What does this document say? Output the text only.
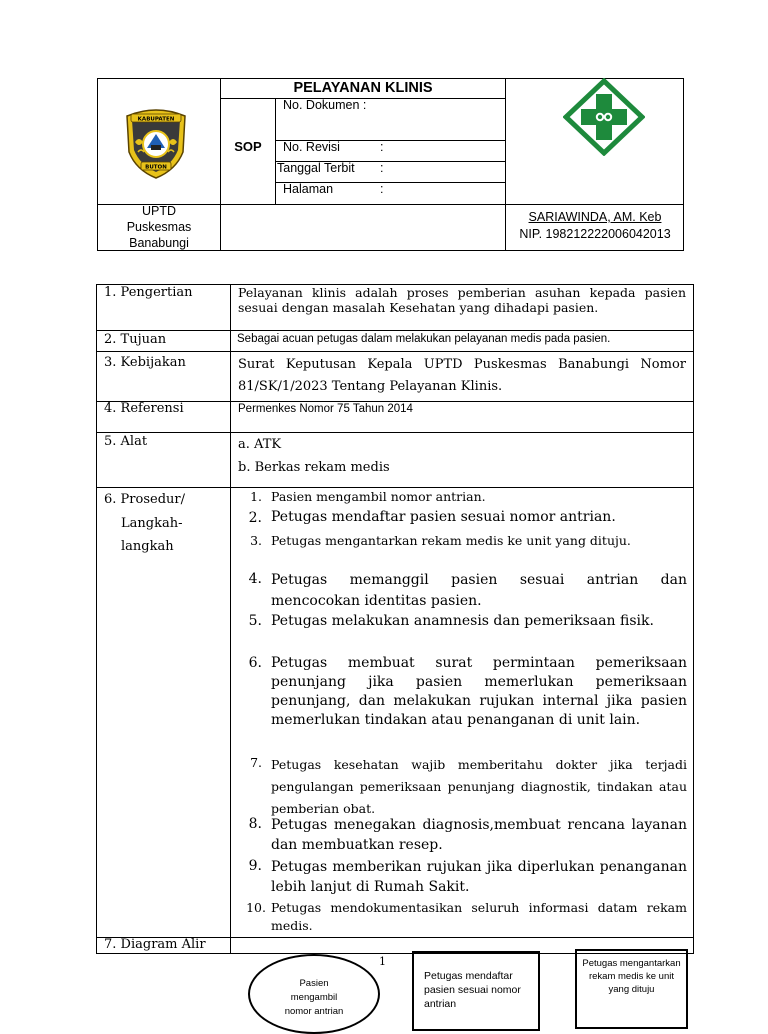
PELAYANAN KLINIS
SOP
No. Dokumen :
No. Revisi	:
Tanggal Terbit :
Halaman	:
KABUPATEN
BUTON
UPTD
Puskesmas
Banabungi
SARIAWINDA, AM. Keb
NIP. 198212222006042013
1. Pengertian	Pelayanan klinis adalah proses pemberian asuhan kepada pasien sesuai dengan masalah Kesehatan yang dihadapi pasien.
2. Tujuan	Sebagai acuan petugas dalam melakukan pelayanan medis pada pasien.
3. Kebijakan	Surat Keputusan Kepala UPTD Puskesmas Banabungi Nomor 81/SK/1/2023 Tentang Pelayanan Klinis.
4. Referensi	Permenkes Nomor 75 Tahun 2014
5. Alat	a. ATK
b. Berkas rekam medis
6. Prosedur/
Langkah-
langkah
1. Pasien mengambil nomor antrian.
2. Petugas mendaftar pasien sesuai nomor antrian.
3. Petugas mengantarkan rekam medis ke unit yang dituju.
4. Petugas memanggil pasien sesuai antrian dan mencocokan identitas pasien.
5. Petugas melakukan anamnesis dan pemeriksaan fisik.
6. Petugas membuat surat permintaan pemeriksaan penunjang jika pasien memerlukan pemeriksaan penunjang, dan melakukan rujukan internal jika pasien memerlukan tindakan atau penanganan di unit lain.
7. Petugas kesehatan wajib memberitahu dokter jika terjadi pengulangan pemeriksaan penunjang diagnostik, tindakan atau pemberian obat.
8. Petugas menegakan diagnosis,membuat rencana layanan dan membuatkan resep.
9. Petugas memberikan rujukan jika diperlukan penanganan lebih lanjut di Rumah Sakit.
10. Petugas mendokumentasikan seluruh informasi datam rekam medis.
7. Diagram Alir
1
Pasien mengambil nomor antrian
Petugas mendaftar pasien sesuai nomor antrian
Petugas mengantarkan rekam medis ke unit yang dituju
